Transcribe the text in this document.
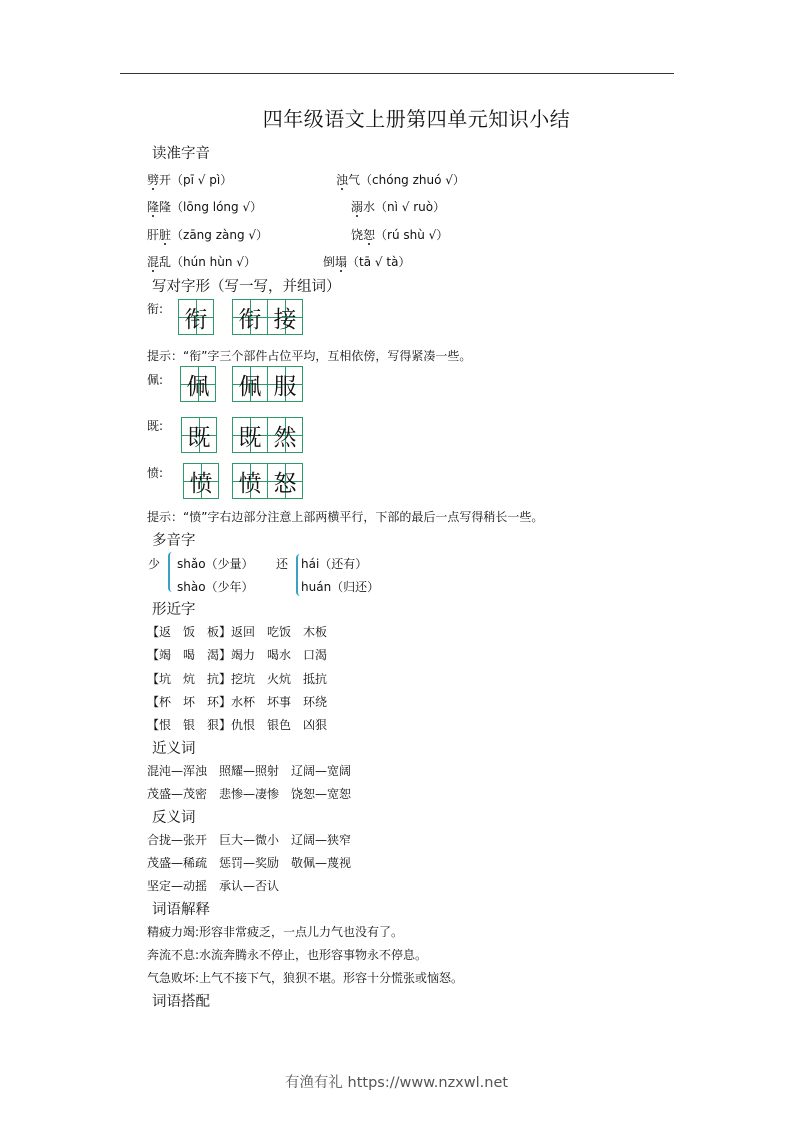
四年级语文上册第四单元知识小结
读准字音
劈开（pī √ pì）	浊气（chóng zhuó √）
隆隆（lōng lóng √）	溺水（nì √ ruò）
肝脏（zāng zàng √）	饶恕（rú shù √）
混乱（hún hùn √）	倒塌（tā √ tà）
写对字形（写一写，并组词）
衔: 衔 衔 接
提示：“衔”字三个部件占位平均，互相依傍，写得紧凑一些。
佩: 佩 佩 服
既: 既 既 然
愤: 愤 愤 怒
提示：“愤”字右边部分注意上部两横平行，下部的最后一点写得稍长一些。
多音字
少 shǎo（少量）
shào（少年）
还 hái（还有）
huán（归还）
形近字
【返　饭　板】返回　吃饭　木板
【竭　喝　渴】竭力　喝水　口渴
【坑　炕　抗】挖坑　火炕　抵抗
【杯　坏　环】水杯　坏事　环绕
【恨　银　狠】仇恨　银色　凶狠
近义词
混沌—浑浊　照耀—照射　辽阔—宽阔
茂盛—茂密　悲惨—凄惨　饶恕—宽恕
反义词
合拢—张开　巨大—微小　辽阔—狭窄
茂盛—稀疏　惩罚—奖励　敬佩—蔑视
坚定—动摇　承认—否认
词语解释
精疲力竭:形容非常疲乏，一点儿力气也没有了。
奔流不息:水流奔腾永不停止，也形容事物永不停息。
气急败坏:上气不接下气，狼狈不堪。形容十分慌张或恼怒。
词语搭配
有渔有礼 https://www.nzxwl.net
